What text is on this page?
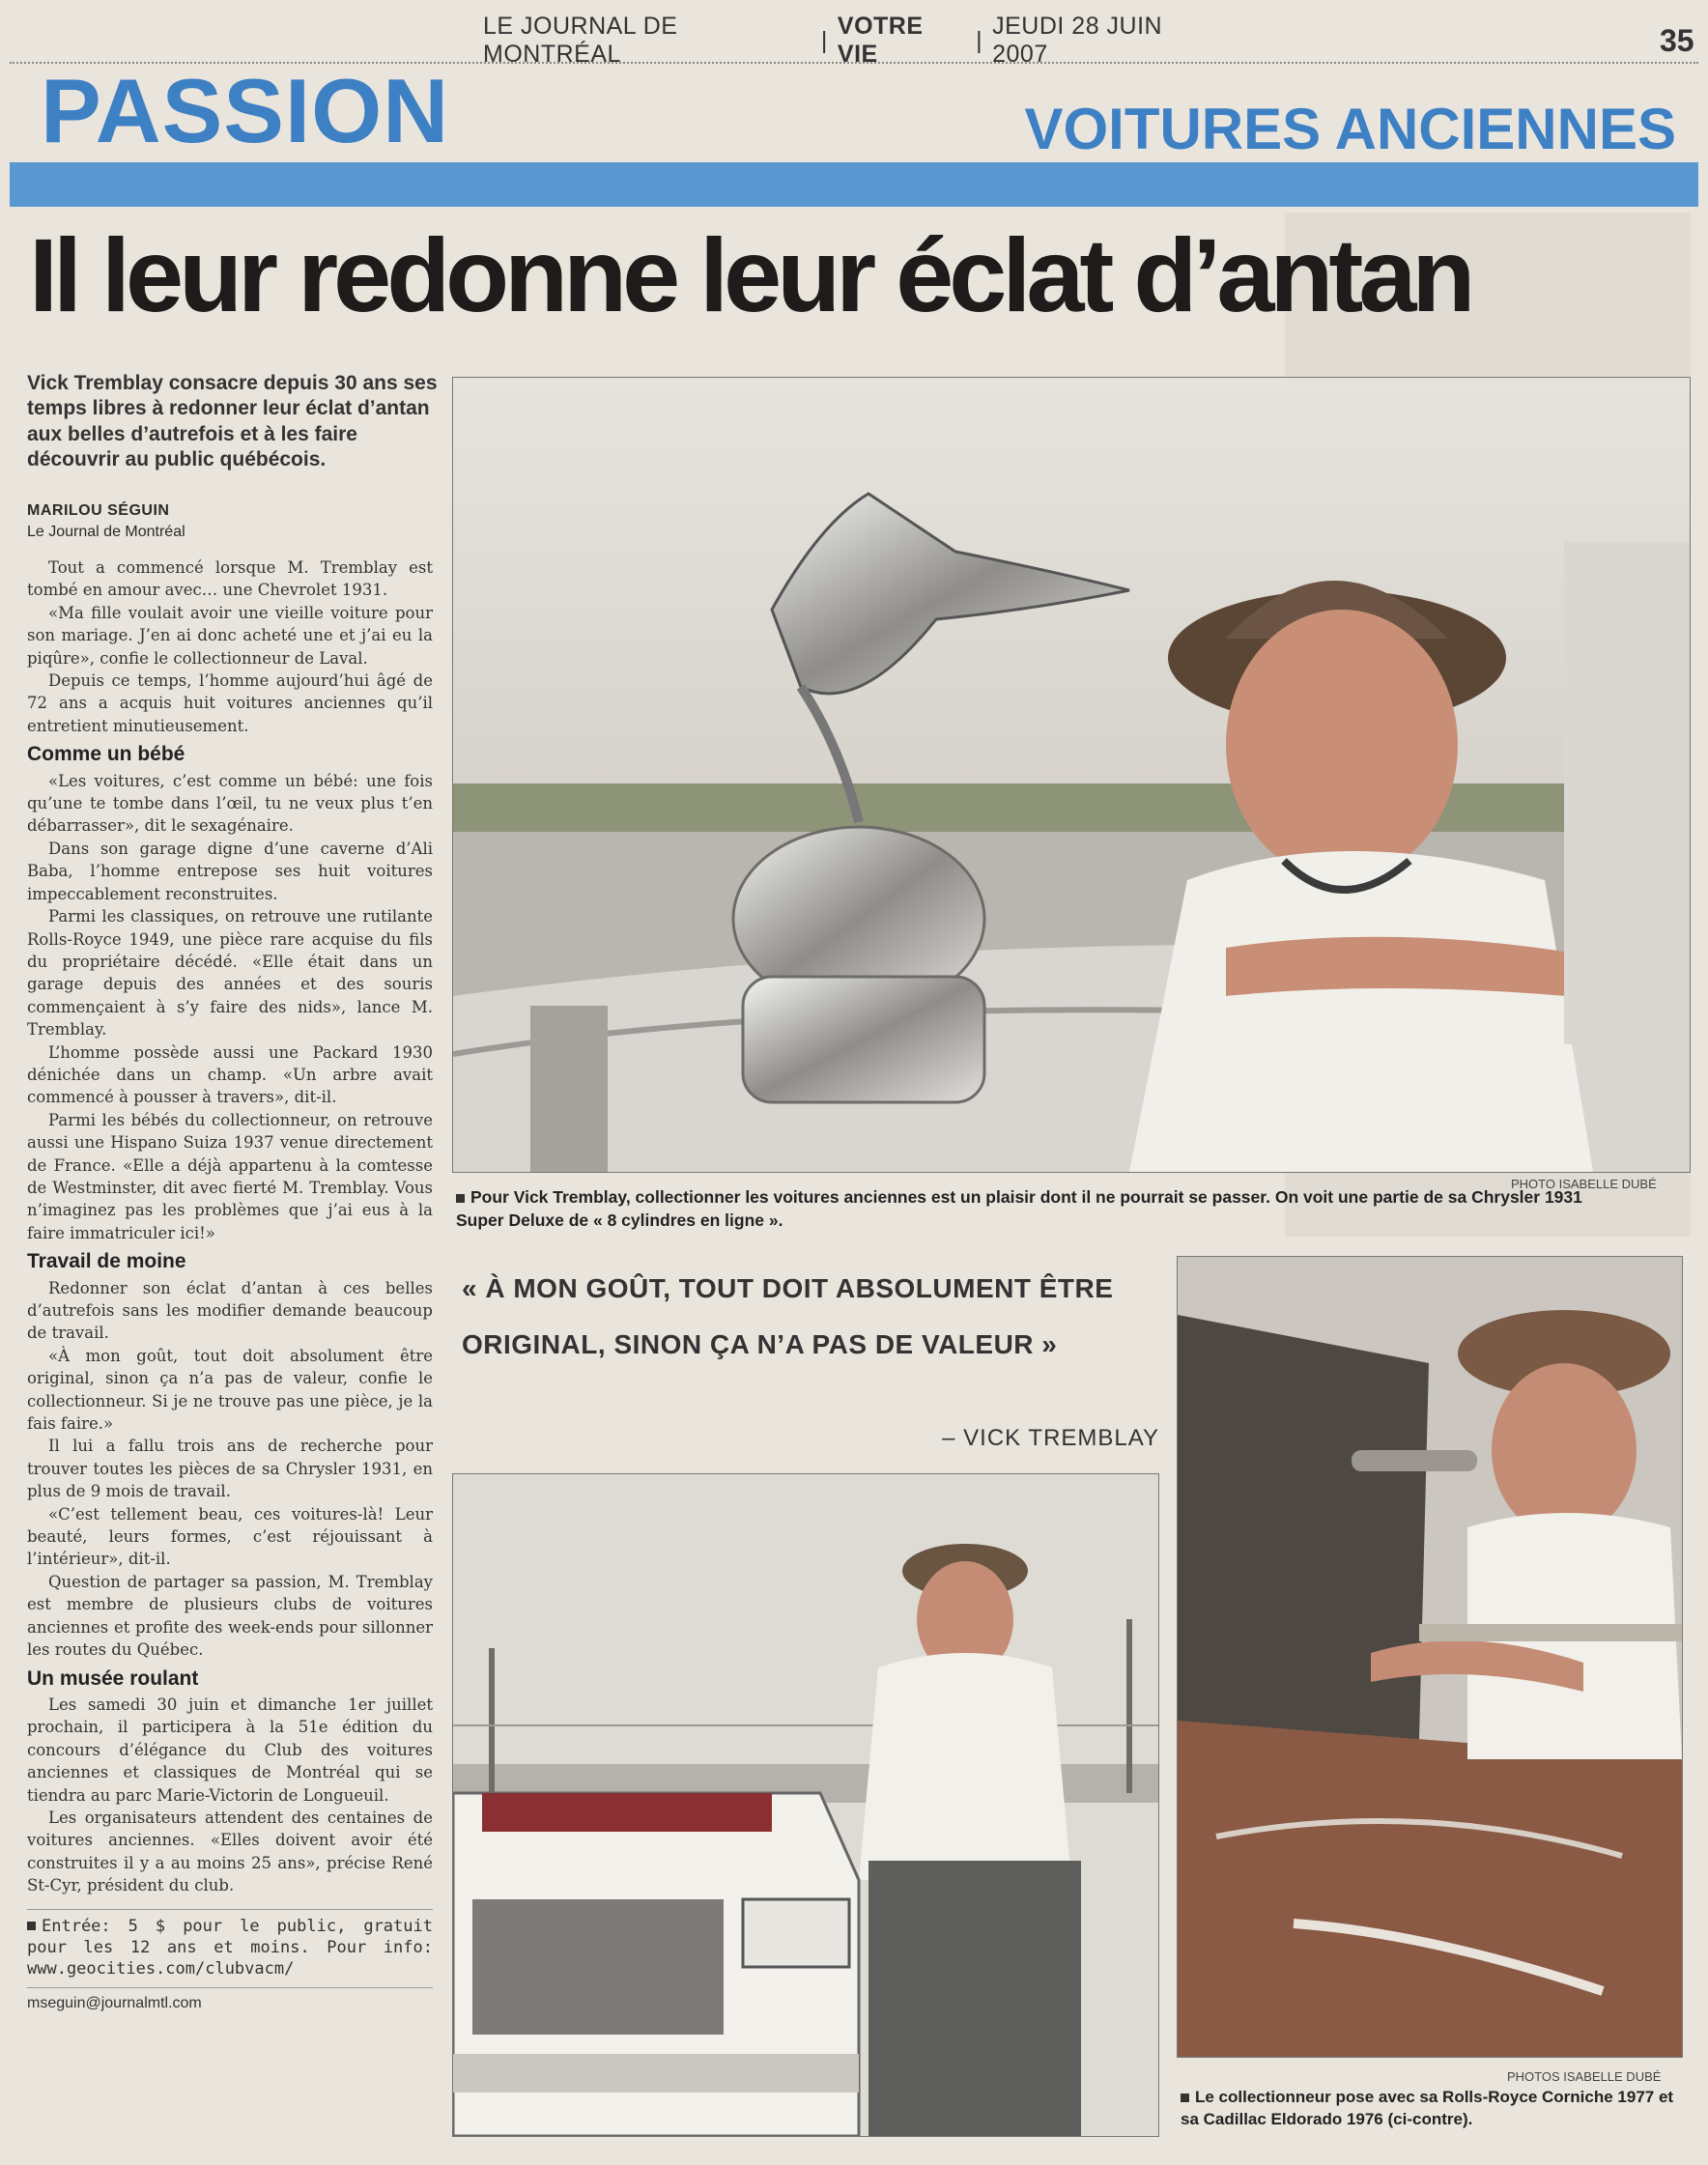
LE JOURNAL DE MONTRÉAL
|
VOTRE VIE
|
JEUDI 28 JUIN 2007	35
PASSION	VOITURES ANCIENNES
Il leur redonne leur éclat d’antan
Vick Tremblay consacre depuis 30 ans ses temps libres à redonner leur éclat d’antan aux belles d’autrefois et à les faire découvrir au public québécois.
MARILOU SÉGUIN
Le Journal de Montréal

Tout a commencé lorsque M. Tremblay est tombé en amour avec… une Chevrolet 1931.

«Ma fille voulait avoir une vieille voiture pour son mariage. J’en ai donc acheté une et j’ai eu la piqûre», confie le collectionneur de Laval.

Depuis ce temps, l’homme aujourd’hui âgé de 72 ans a acquis huit voitures anciennes qu’il entretient minutieusement.

Comme un bébé

«Les voitures, c’est comme un bébé: une fois qu’une te tombe dans l’œil, tu ne veux plus t’en débarrasser», dit le sexagénaire.

Dans son garage digne d’une caverne d’Ali Baba, l’homme entrepose ses huit voitures impeccablement reconstruites.

Parmi les classiques, on retrouve une rutilante Rolls-Royce 1949, une pièce rare acquise du fils du propriétaire décédé. «Elle était dans un garage depuis des années et des souris commençaient à s’y faire des nids», lance M. Tremblay.

L’homme possède aussi une Packard 1930 dénichée dans un champ. «Un arbre avait commencé à pousser à travers», dit-il.

Parmi les bébés du collectionneur, on retrouve aussi une Hispano Suiza 1937 venue directement de France. «Elle a déjà appartenu à la comtesse de Westminster, dit avec fierté M. Tremblay. Vous n’imaginez pas les problèmes que j’ai eus à la faire immatriculer ici!»

Travail de moine

Redonner son éclat d’antan à ces belles d’autrefois sans les modifier demande beaucoup de travail.

«À mon goût, tout doit absolument être original, sinon ça n’a pas de valeur, confie le collectionneur. Si je ne trouve pas une pièce, je la fais faire.»

Il lui a fallu trois ans de recherche pour trouver toutes les pièces de sa Chrysler 1931, en plus de 9 mois de travail.

«C’est tellement beau, ces voitures-là! Leur beauté, leurs formes, c’est réjouissant à l’intérieur», dit-il.

Question de partager sa passion, M. Tremblay est membre de plusieurs clubs de voitures anciennes et profite des week-ends pour sillonner les routes du Québec.

Un musée roulant

Les samedi 30 juin et dimanche 1er juillet prochain, il participera à la 51e édition du concours d’élégance du Club des voitures anciennes et classiques de Montréal qui se tiendra au parc Marie-Victorin de Longueuil.

Les organisateurs attendent des centaines de voitures anciennes. «Elles doivent avoir été construites il y a au moins 25 ans», précise René St-Cyr, président du club.

Entrée: 5 $ pour le public, gratuit pour les 12 ans et moins. Pour info: www.geocities.com/clubvacm/

mseguin@journalmtl.com

PHOTO ISABELLE DUBÉ
Pour Vick Tremblay, collectionner les voitures anciennes est un plaisir dont il ne pourrait se passer. On voit une partie de sa Chrysler 1931 Super Deluxe de « 8 cylindres en ligne ».
« À MON GOÛT, TOUT DOIT ABSOLUMENT ÊTRE ORIGINAL, SINON ÇA N’A PAS DE VALEUR »
– VICK TREMBLAY
PHOTOS ISABELLE DUBÉ
Le collectionneur pose avec sa Rolls-Royce Corniche 1977 et sa Cadillac Eldorado 1976 (ci-contre).
